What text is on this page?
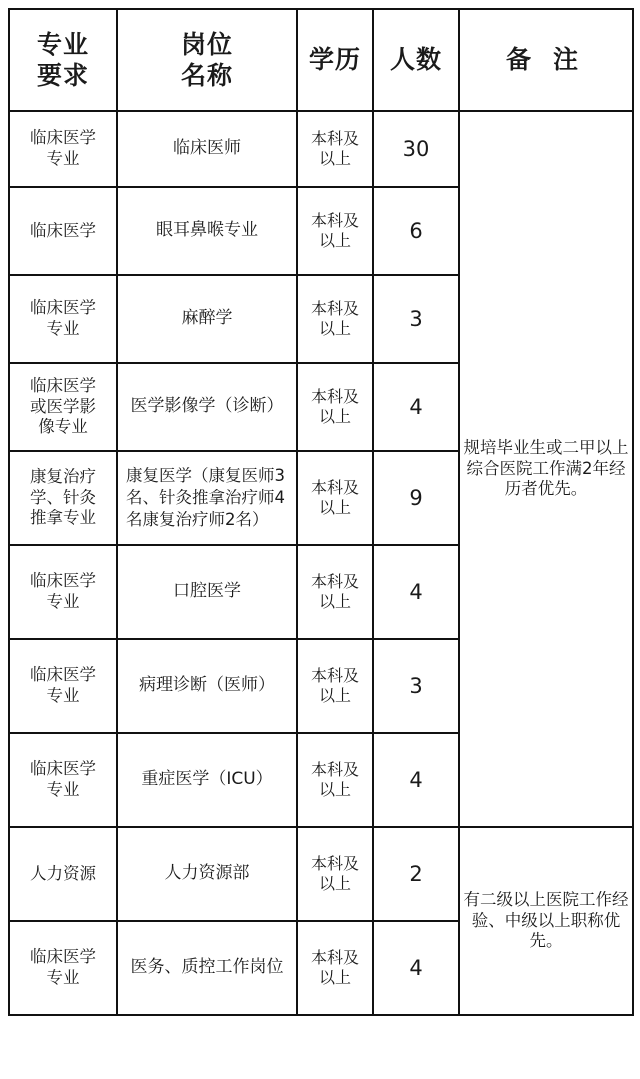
专业
要求	岗位
名称	学历	人数	备注

临床医学
专业	临床医师	本科及
以上	30	规培毕业生或二甲以上综合医院工作满2年经历者优先。

临床医学	眼耳鼻喉专业	本科及
以上	6	

临床医学
专业	麻醉学	本科及
以上	3	

临床医学
或医学影
像专业	医学影像学（诊断）	本科及
以上	4	

康复治疗
学、针灸
推拿专业	康复医学（康复医师3名、针灸推拿治疗师4名康复治疗师2名）	本科及
以上	9	

临床医学
专业	口腔医学	本科及
以上	4	

临床医学
专业	病理诊断（医师）	本科及
以上	3	

临床医学
专业	重症医学（ICU）	本科及
以上	4	

人力资源	人力资源部	本科及
以上	2	有二级以上医院工作经验、中级以上职称优先。

临床医学
专业	医务、质控工作岗位	本科及
以上	4	
